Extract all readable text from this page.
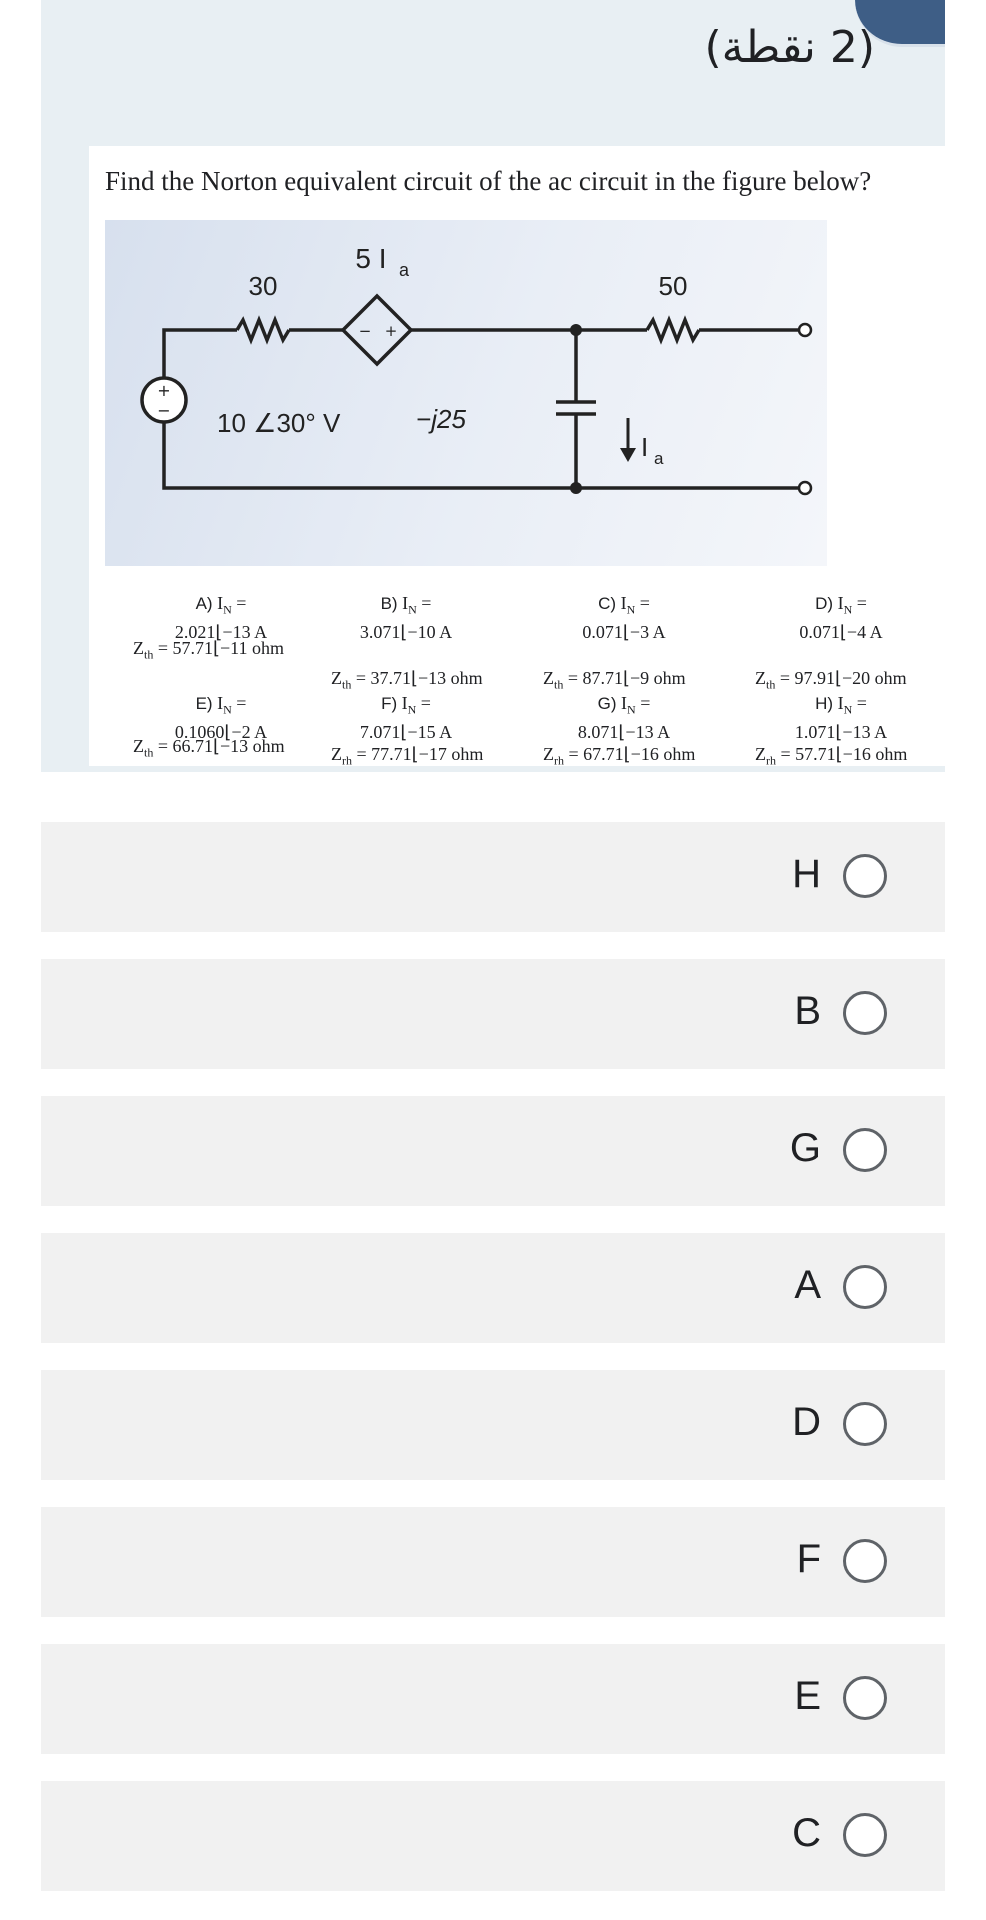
(2 نقطة)
Find the Norton equivalent circuit of the ac circuit in the figure below?
+
−
− +
30
5 I a
50
10 ∠30° V	−j25
I a
A) $I_N$ =
2.021⌊−13 A
$Z_{th}$ = 57.71⌊−11 ohm
B) $I_N$ =
3.071⌊−10 A
$Z_{th}$ = 37.71⌊−13 ohm
C) $I_N$ =
0.071⌊−3 A
$Z_{th}$ = 87.71⌊−9 ohm
D) $I_N$ =
0.071⌊−4 A
$Z_{th}$ = 97.91⌊−20 ohm
E) $I_N$ =
0.1060⌊−2 A
$Z_{th}$ = 66.71⌊−13 ohm
F) $I_N$ =
7.071⌊−15 A
$Z_{rh}$ = 77.71⌊−17 ohm
G) $I_N$ =
8.071⌊−13 A
$Z_{rh}$ = 67.71⌊−16 ohm
H) $I_N$ =
1.071⌊−13 A
$Z_{rh}$ = 57.71⌊−16 ohm
H
B
G
A
D
F
E
C
